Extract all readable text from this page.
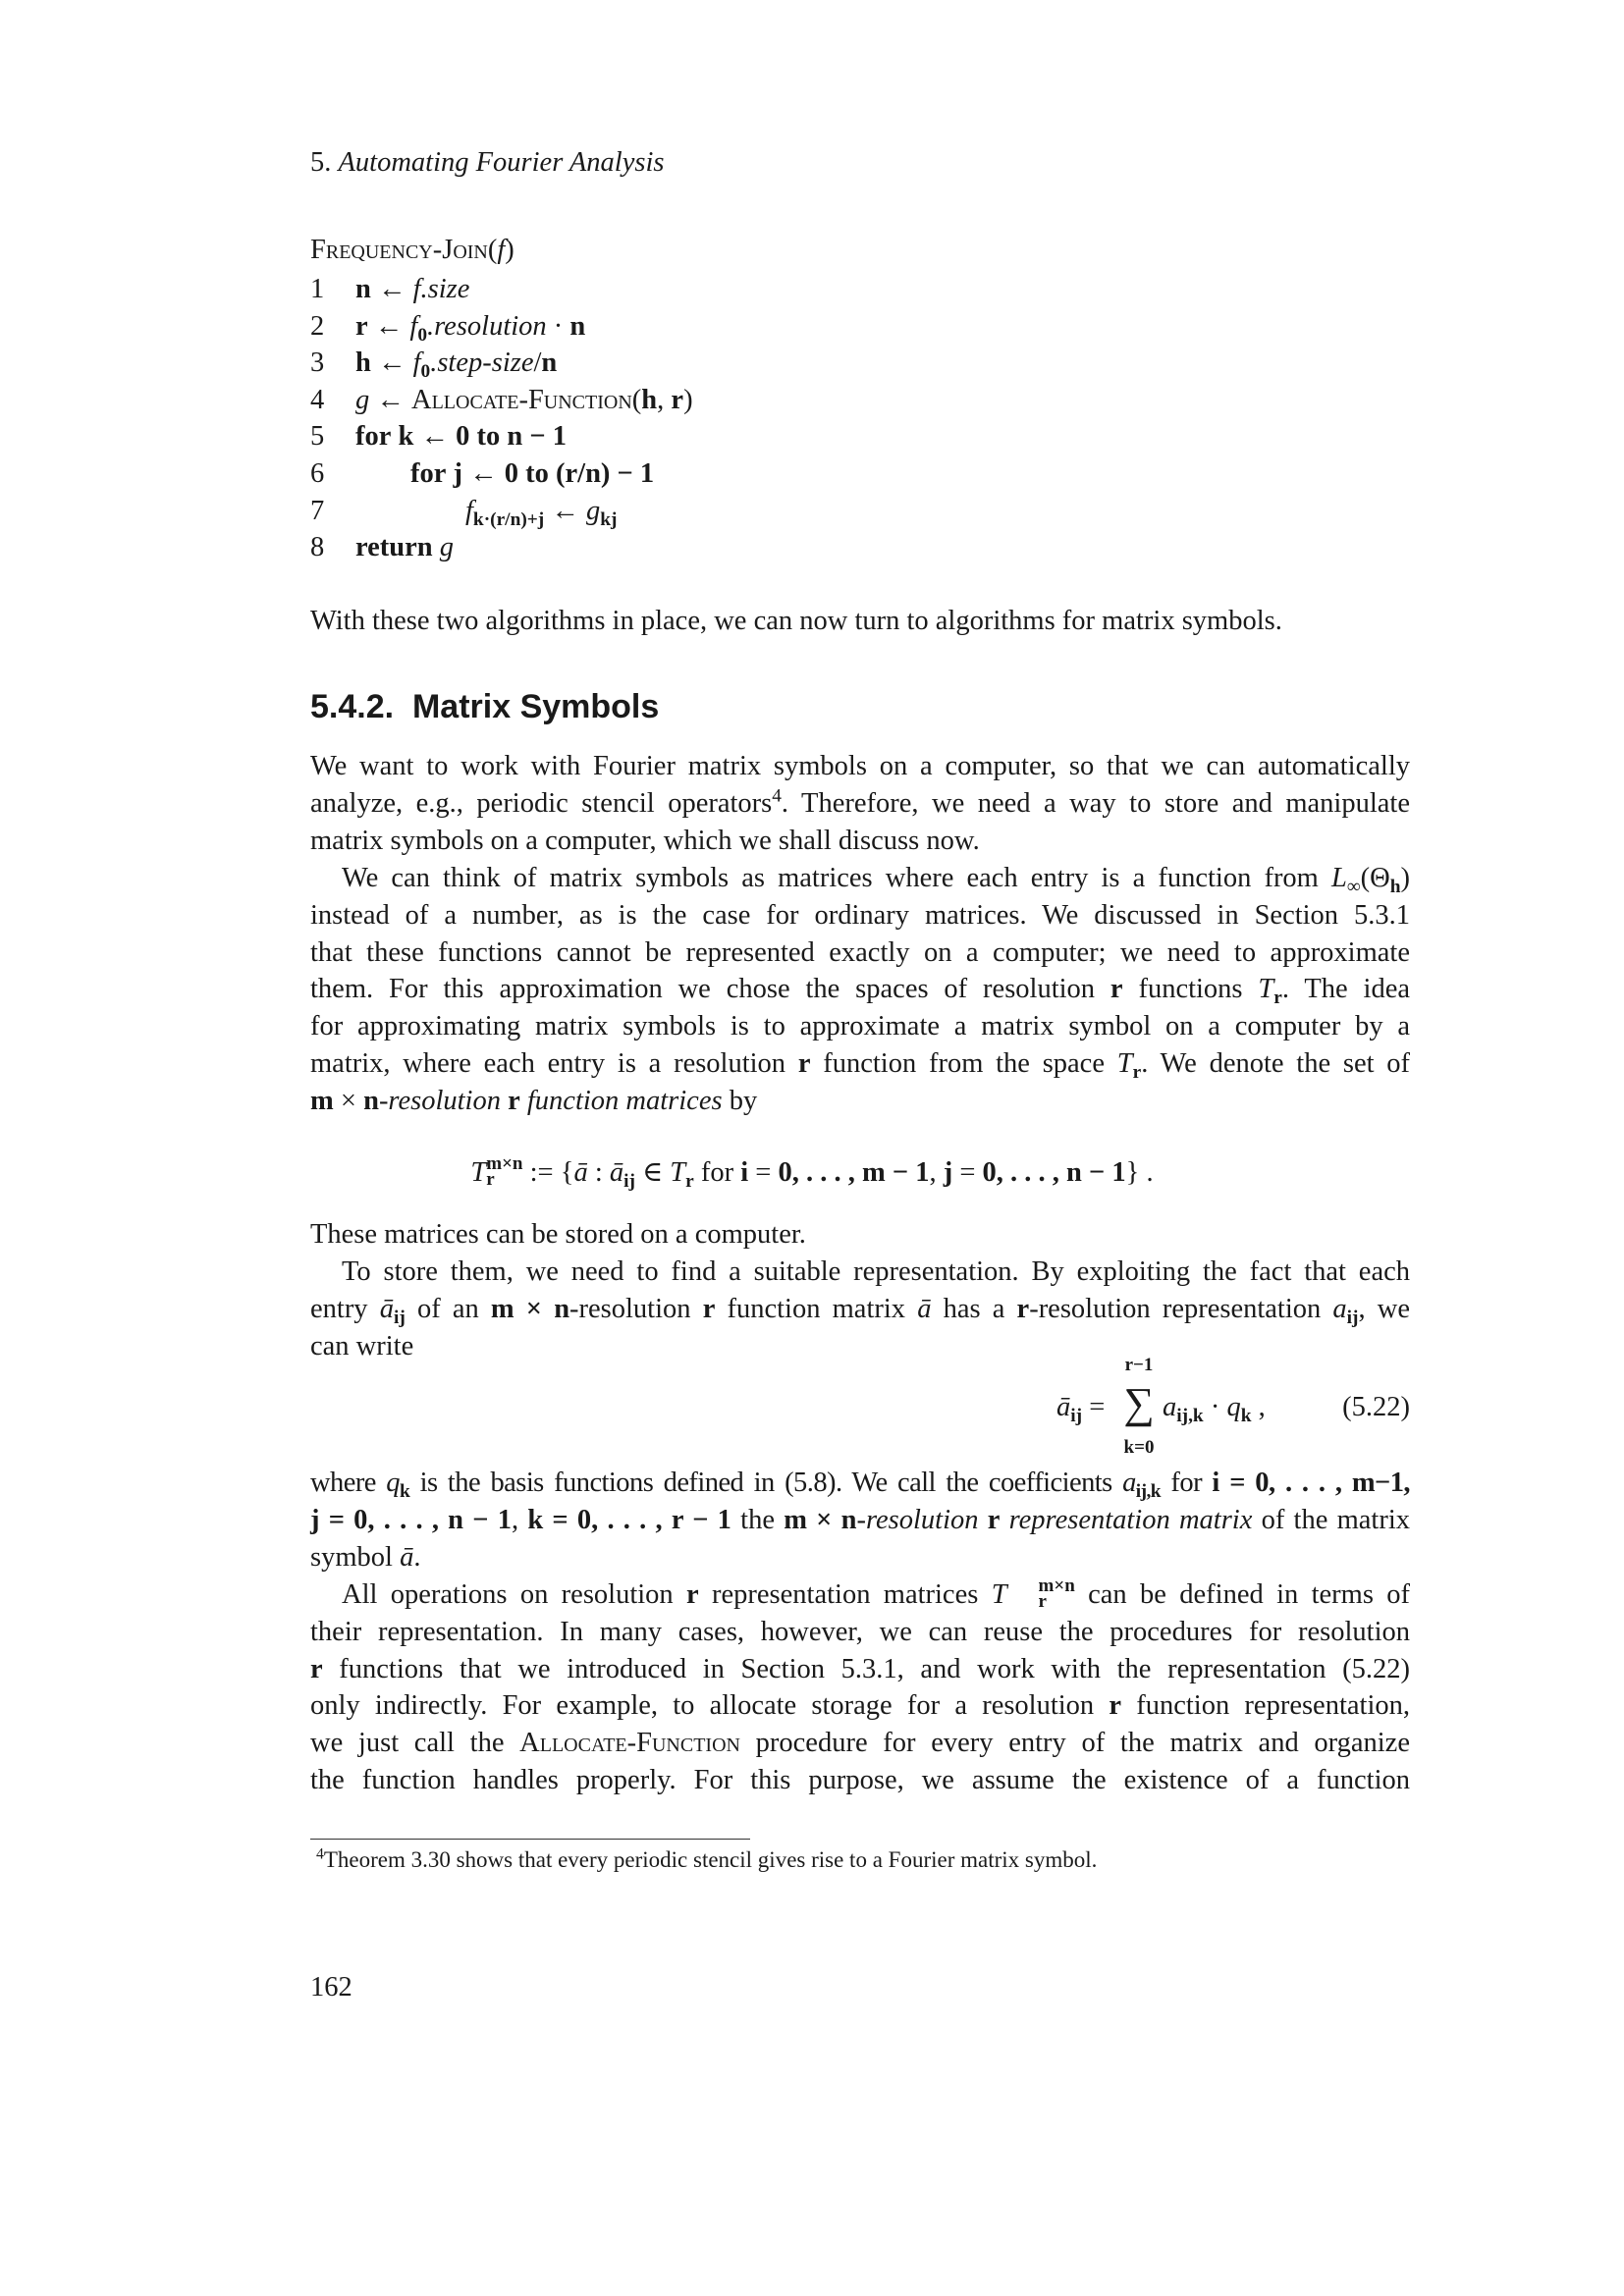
5. Automating Fourier Analysis
Frequency-Join(f)
1 n ← f.size
2 r ← $f_0.resolution \cdot n$
3 h ← $f_0.step-size/n$
4 g ← Allocate-Function(h, r)
5 for k ← 0 to n − 1
6	for j ← 0 to (r/n) − 1
7	$f_{k\cdot(r/n)+j}$ ← $g_{kj}$
8 return g
With these two algorithms in place, we can now turn to algorithms for matrix symbols.
5.4.2. Matrix Symbols
We want to work with Fourier matrix symbols on a computer, so that we can automatically
analyze, e.g., periodic stencil operators$^4$. Therefore, we need a way to store and manipulate
matrix symbols on a computer, which we shall discuss now.
We can think of matrix symbols as matrices where each entry is a function from $L_\infty(\Theta_h)$
instead of a number, as is the case for ordinary matrices. We discussed in Section 5.3.1
that these functions cannot be represented exactly on a computer; we need to approximate
them. For this approximation we chose the spaces of resolution r functions $T_r$. The idea
for approximating matrix symbols is to approximate a matrix symbol on a computer by a
matrix, where each entry is a resolution r function from the space $T_r$. We denote the set of
m × n-resolution r function matrices by
T m×n
r	:= {ā : $ā_{ij}$ ∈ $T_r$ for i = 0, . . . , m − 1, j = 0, . . . , n − 1} .
These matrices can be stored on a computer.
To store them, we need to find a suitable representation. By exploiting the fact that each
entry $ā_{ij}$ of an m × n-resolution r function matrix ā has a r-resolution representation $a_{ij}$, we
can write
$ā_{ij}$ =
r−1
∑
k=0
$a_{ij,k} \cdot q_k$ ,	(5.22)
where $q_k$ is the basis functions defined in (5.8). We call the coefficients $a_{ij,k}$ for i = 0, . . . , m−1,
j = 0, . . . , n − 1, k = 0, . . . , r − 1 the m × n-resolution r representation matrix of the matrix
symbol ā.
All operations on resolution r representation matrices T	m×n
r	can be defined in terms of
their representation. In many cases, however, we can reuse the procedures for resolution
r functions that we introduced in Section 5.3.1, and work with the representation (5.22)
only indirectly. For example, to allocate storage for a resolution r function representation,
we just call the Allocate-Function procedure for every entry of the matrix and organize
the function handles properly. For this purpose, we assume the existence of a function
$^4$Theorem 3.30 shows that every periodic stencil gives rise to a Fourier matrix symbol.
162
